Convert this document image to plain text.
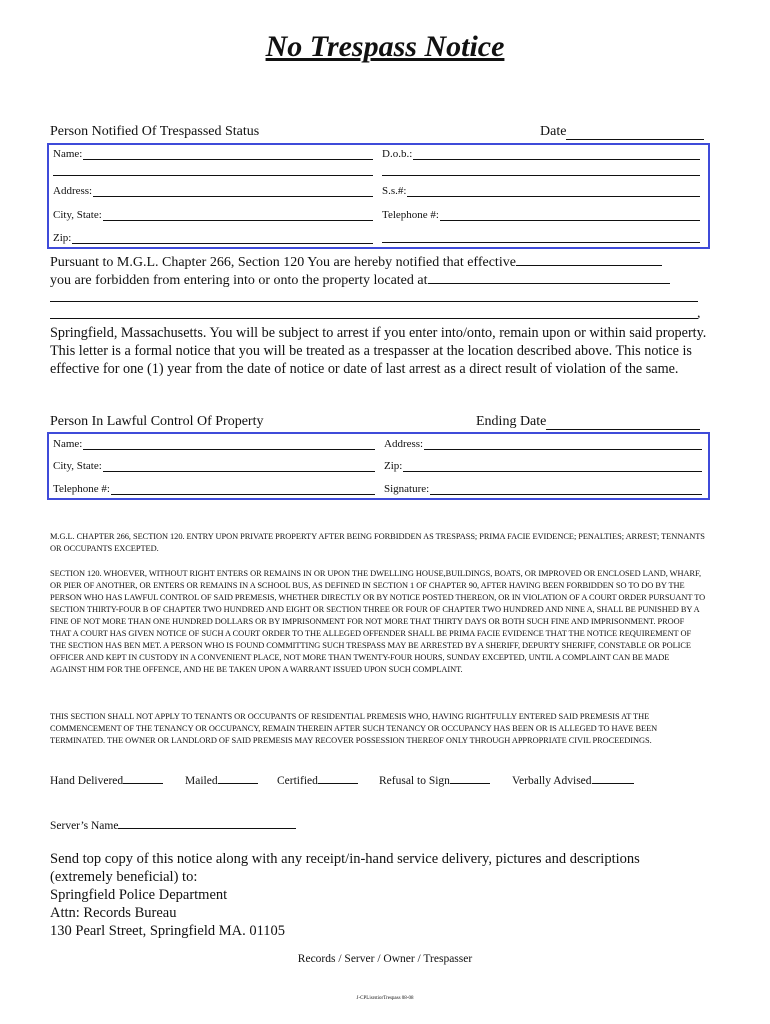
No Trespass Notice
Person Notified Of Trespassed Status	Date
Name:	D.o.b.:
Address:	S.s.#:
City, State:	Telephone #:
Zip:
Pursuant to M.G.L. Chapter 266, Section 120 You are hereby notified that effective
you are forbidden from entering into or onto the property located at
,
Springfield, Massachusetts. You will be subject to arrest if you enter into/onto, remain upon or within said property. This letter is a formal notice that you will be treated as a trespasser at the location described above. This notice is effective for one (1) year from the date of notice or date of last arrest as a direct result of violation of the same.
Person In Lawful Control Of Property	Ending Date
Name:	Address:
City, State:	Zip:
Telephone #:	Signature:
M.G.L. CHAPTER 266, SECTION 120. ENTRY UPON PRIVATE PROPERTY AFTER BEING FORBIDDEN AS TRESPASS; PRIMA FACIE EVIDENCE; PENALTIES; ARREST; TENNANTS OR OCCUPANTS EXCEPTED.
SECTION 120. WHOEVER, WITHOUT RIGHT ENTERS OR REMAINS IN OR UPON THE DWELLING HOUSE,BUILDINGS, BOATS, OR IMPROVED OR ENCLOSED LAND, WHARF, OR PIER OF ANOTHER, OR ENTERS OR REMAINS IN A SCHOOL BUS, AS DEFINED IN SECTION 1 OF CHAPTER 90, AFTER HAVING BEEN FORBIDDEN SO TO DO BY THE PERSON WHO HAS LAWFUL CONTROL OF SAID PREMESIS, WHETHER DIRECTLY OR BY NOTICE POSTED THEREON, OR IN VIOLATION OF A COURT ORDER PURSUANT TO SECTION THIRTY-FOUR B OF CHAPTER TWO HUNDRED AND EIGHT OR SECTION THREE OR FOUR OF CHAPTER TWO HUNDRED AND NINE A, SHALL BE PUNISHED BY A FINE OF NOT MORE THAN ONE HUNDRED DOLLARS OR BY IMPRISONMENT FOR NOT MORE THAT THIRTY DAYS OR BOTH SUCH FINE AND IMPRISONMENT. PROOF THAT A COURT HAS GIVEN NOTICE OF SUCH A COURT ORDER TO THE ALLEGED OFFENDER SHALL BE PRIMA FACIE EVIDENCE THAT THE NOTICE REQUIREMENT OF THE SECTION HAS BEN MET. A PERSON WHO IS FOUND COMMITTING SUCH TRESPASS MAY BE ARRESTED BY A SHERIFF, DEPURTY SHERIFF, CONSTABLE OR POLICE OFFICER AND KEPT IN CUSTODY IN A CONVENIENT PLACE, NOT MORE THAN TWENTY-FOUR HOURS, SUNDAY EXCEPTED, UNTIL A COMPLAINT CAN BE MADE AGAINST HIM FOR THE OFFENCE, AND HE BE TAKEN UPON A WARRANT ISSUED UPON SUCH COMPLAINT.
THIS SECTION SHALL NOT APPLY TO TENANTS OR OCCUPANTS OF RESIDENTIAL PREMESIS WHO, HAVING RIGHTFULLY ENTERED SAID PREMESIS AT THE COMMENCEMENT OF THE TENANCY OR OCCUPANCY, REMAIN THEREIN AFTER SUCH TENANCY OR OCCUPANCY HAS BEEN OR IS ALLEGED TO HAVE BEEN TERMINATED. THE OWNER OR LANDLORD OF SAID PREMESIS MAY RECOVER POSSESSION THEREOF ONLY THROUGH APPROPRIATE CIVIL PROCEEDINGS.
Hand Delivered	Mailed	Certified	Refusal to Sign	Verbally Advised
Server’s Name
Send top copy of this notice along with any receipt/in-hand service delivery, pictures and descriptions
(extremely beneficial) to:
Springfield Police Department
Attn: Records Bureau
130 Pearl Street, Springfield MA. 01105
Records / Server / Owner / Trespasser
J-CPLisrstiorTrespass 08-08
